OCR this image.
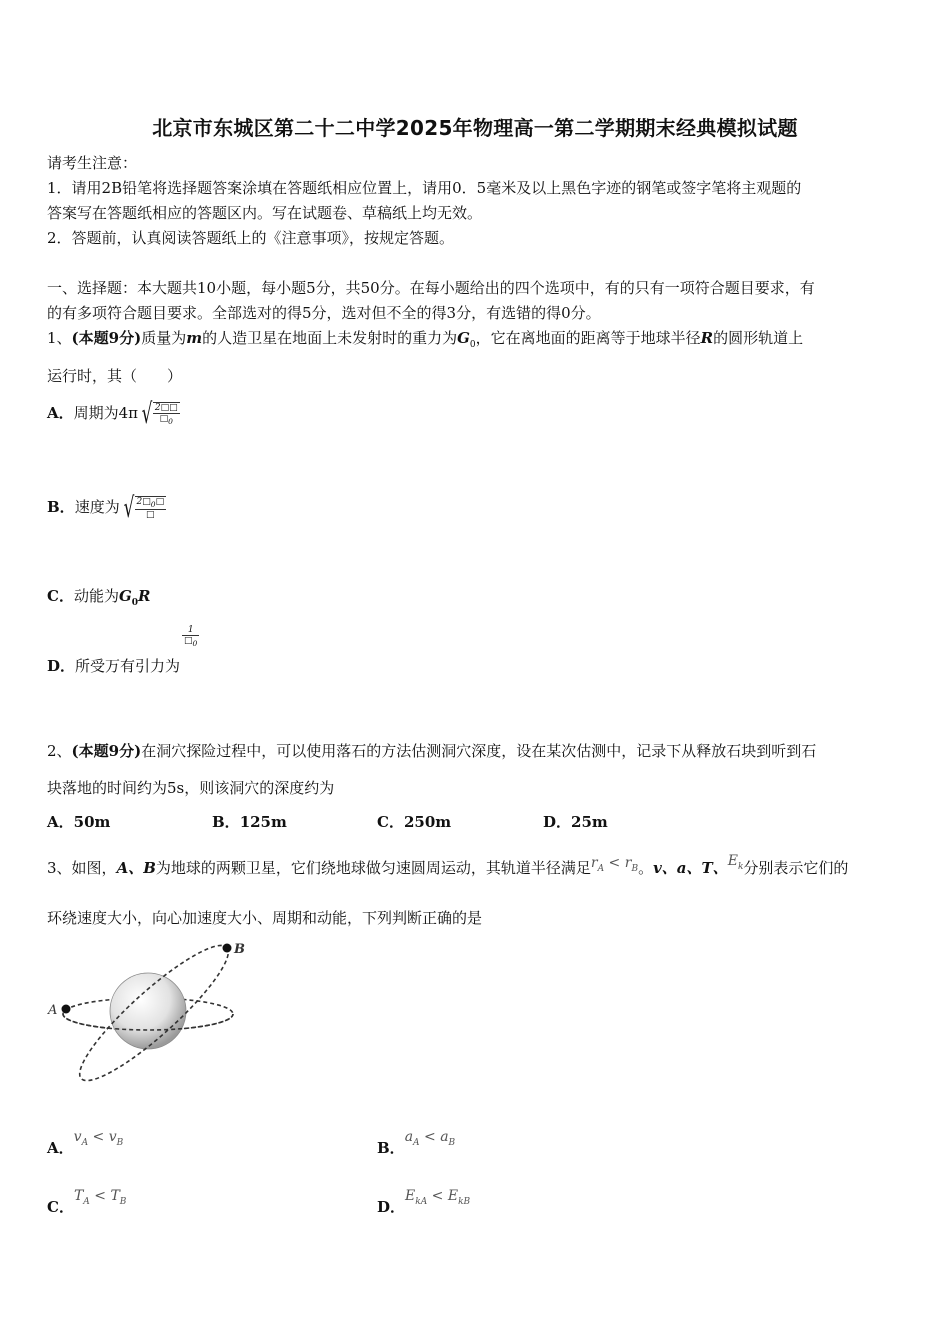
北京市东城区第二十二中学2025年物理高一第二学期期末经典模拟试题
请考生注意：
1．请用2B铅笔将选择题答案涂填在答题纸相应位置上，请用0．5毫米及以上黑色字迹的钢笔或签字笔将主观题的
答案写在答题纸相应的答题区内。写在试题卷、草稿纸上均无效。
2．答题前，认真阅读答题纸上的《注意事项》，按规定答题。
一、选择题：本大题共10小题，每小题5分，共50分。在每小题给出的四个选项中，有的只有一项符合题目要求，有
的有多项符合题目要求。全部选对的得5分，选对但不全的得3分，有选错的得0分。
1、(本题9分)质量为m的人造卫星在地面上未发射时的重力为$G_0$，它在离地面的距离等于地球半径R的圆形轨道上
运行时，其（　　）
A．周期为4π √ $\frac{2□□}{□_0}$
B．速度为 √ $\frac{2□_0□}{□}$
C．动能为$G_0R$
D．所受万有引力为
$\frac{1}{□_0}$
2、(本题9分)在洞穴探险过程中，可以使用落石的方法估测洞穴深度，设在某次估测中，记录下从释放石块到听到石
块落地的时间约为5s，则该洞穴的深度约为
A．50m	B．125m	C．250m	D．25m
3、如图，A、B为地球的两颗卫星，它们绕地球做匀速圆周运动，其轨道半径满足$r_A < r_B$。v、a、T、$E_k$分别表示它们的
环绕速度大小，向心加速度大小、周期和动能，下列判断正确的是
A
B
A．$v_A < v_B$	B．$a_A < a_B$
C．$T_A < T_B$	D．$E_{kA} < E_{kB}$
